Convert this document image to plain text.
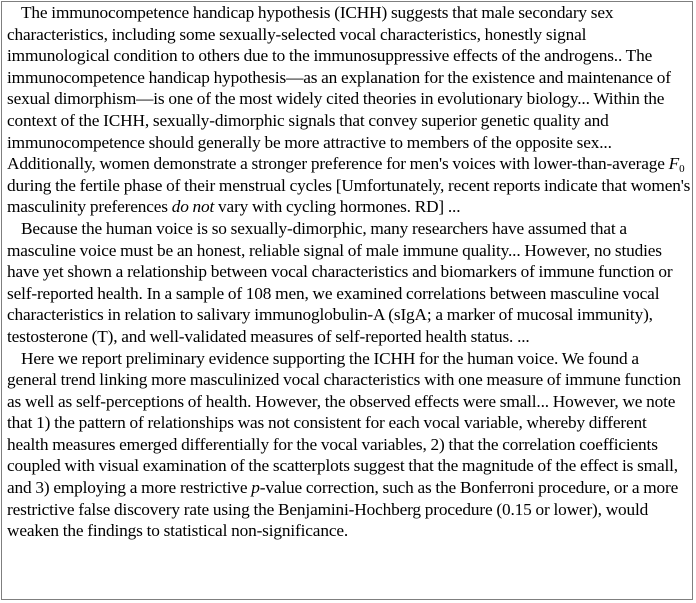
The immunocompetence handicap hypothesis (ICHH) suggests that male secondary sex characteristics, including some sexually-selected vocal characteristics, honestly signal immunological condition to others due to the immunosuppressive effects of the androgens.. The immunocompetence handicap hypothesis—as an explanation for the existence and maintenance of sexual dimorphism—is one of the most widely cited theories in evolutionary biology... Within the context of the ICHH, sexually-dimorphic signals that convey superior genetic quality and immunocompetence should generally be more attractive to members of the opposite sex... Additionally, women demonstrate a stronger preference for men's voices with lower-than-average $F_0$ during the fertile phase of their menstrual cycles [Umfortunately, recent reports indicate that women's masculinity preferences do not vary with cycling hormones. RD] ...

Because the human voice is so sexually-dimorphic, many researchers have assumed that a masculine voice must be an honest, reliable signal of male immune quality... However, no studies have yet shown a relationship between vocal characteristics and biomarkers of immune function or self-reported health. In a sample of 108 men, we examined correlations between masculine vocal characteristics in relation to salivary immunoglobulin-A (sIgA; a marker of mucosal immunity), testosterone (T), and well-validated measures of self-reported health status. ...

Here we report preliminary evidence supporting the ICHH for the human voice. We found a general trend linking more masculinized vocal characteristics with one measure of immune function as well as self-perceptions of health. However, the observed effects were small... However, we note that 1) the pattern of relationships was not consistent for each vocal variable, whereby different health measures emerged differentially for the vocal variables, 2) that the correlation coefficients coupled with visual examination of the scatterplots suggest that the magnitude of the effect is small, and 3) employing a more restrictive p-value correction, such as the Bonferroni procedure, or a more restrictive false discovery rate using the Benjamini-Hochberg procedure (0.15 or lower), would weaken the findings to statistical non-significance.
